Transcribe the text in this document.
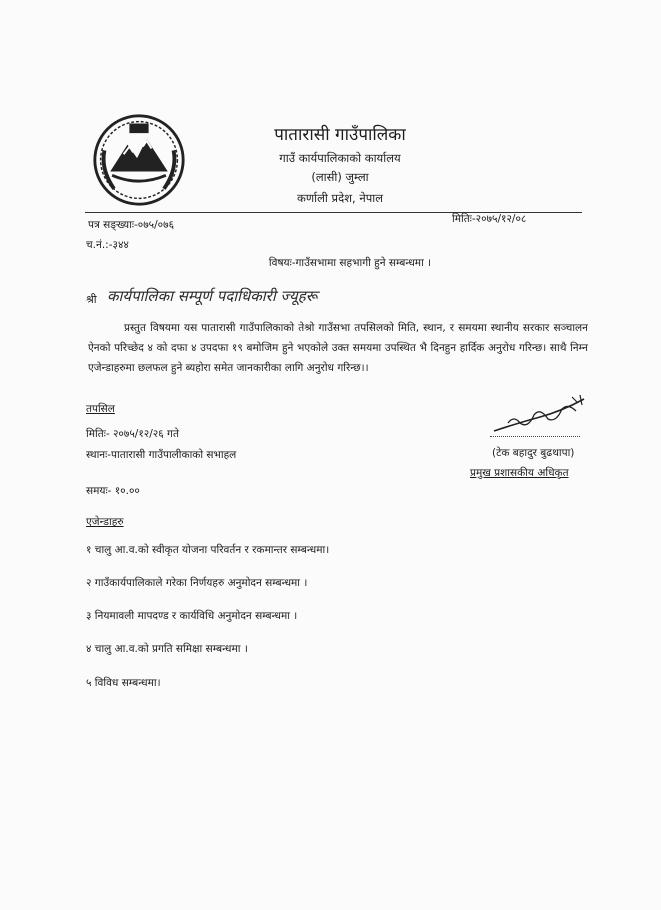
पातारासी गाउँपालिका
गाउँ कार्यपालिकाको कार्यालय
(लासी) जुम्ला
कर्णाली प्रदेश, नेपाल
पत्र सङ्ख्याः-०७५/०७६	मितिः-२०७५/१२/०८
च.नं.:-३४४
विषयः-गाउँसभामा सहभागी हुने सम्बन्धमा ।
श्री कार्यपालिका सम्पूर्ण पदाधिकारी ज्यूहरू
प्रस्तुत विषयमा यस पातारासी गाउँपालिकाको तेश्रो गाउँसभा तपसिलको मिति, स्थान, र समयमा स्थानीय सरकार सञ्चालन ऐनको परिच्छेद ४ को दफा ४ उपदफा १९ बमोजिम हुने भएकोले उक्त समयमा उपस्थित भै दिनहुन हार्दिक अनुरोध गरिन्छ। साथै निम्न एजेन्डाहरुमा छलफल हुने ब्यहोरा समेत जानकारीका लागि अनुरोध गरिन्छ।।
तपसिल
मितिः- २०७५/१२/२६ गते
स्थानः-पातारासी गाउँपालीकाको सभाहल
समयः- १०.००
एजेन्डाहरु
१ चालु आ.व.को स्वीकृत योजना परिवर्तन र रकमान्तर सम्बन्धमा।
२ गाउँकार्यपालिकाले गरेका निर्णयहरु अनुमोदन सम्बन्धमा ।
३ नियमावली मापदण्ड र कार्यविधि अनुमोदन सम्बन्धमा ।
४ चालु आ.व.को प्रगति समिक्षा सम्बन्धमा ।
५ विविध सम्बन्धमा।
(टेक बहादुर बुढथापा)
प्रमुख प्रशासकीय अधिकृत
